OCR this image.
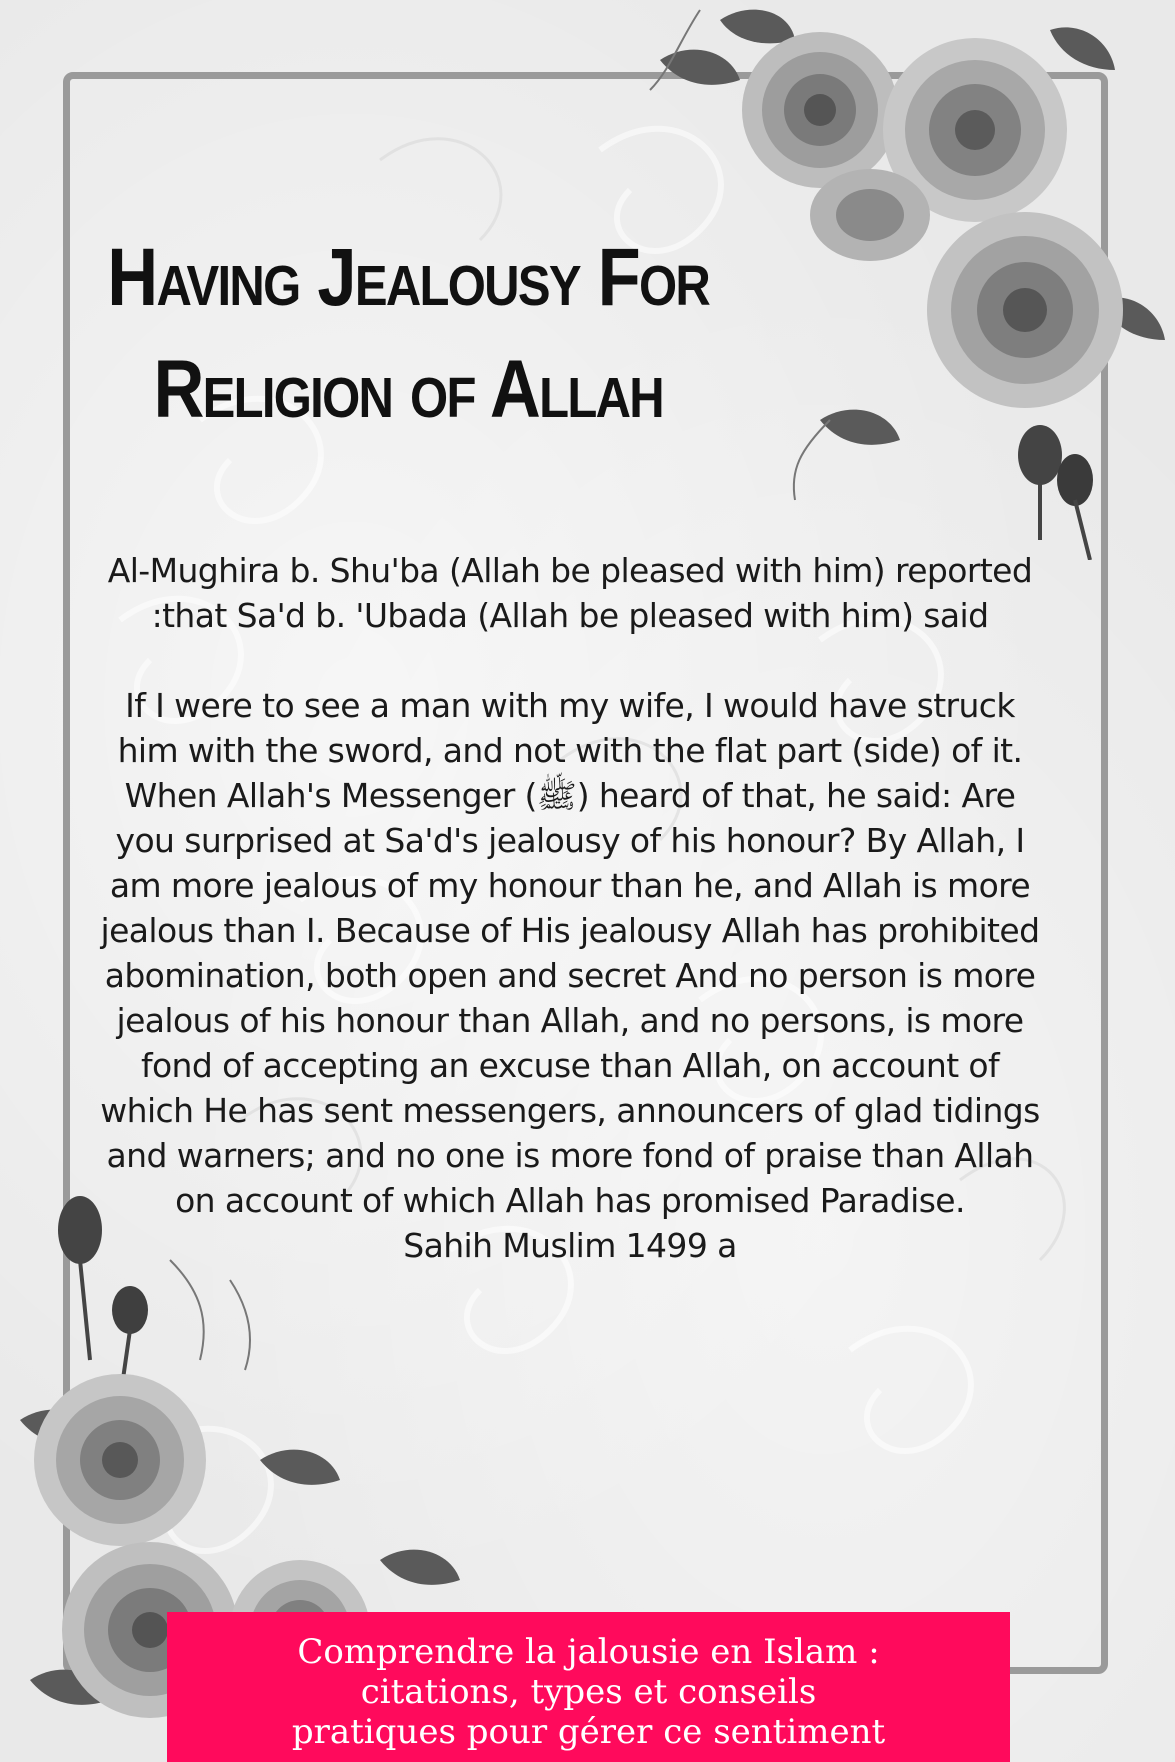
Having Jealousy For
Religion of Allah

Al-Mughira b. Shu'ba (Allah be pleased with him) reported

:that Sa'd b. 'Ubada (Allah be pleased with him) said

If I were to see a man with my wife, I would have struck

him with the sword, and not with the flat part (side) of it.

When Allah's Messenger (ﷺ) heard of that, he said: Are

you surprised at Sa'd's jealousy of his honour? By Allah, I

am more jealous of my honour than he, and Allah is more

jealous than I. Because of His jealousy Allah has prohibited

abomination, both open and secret And no person is more

jealous of his honour than Allah, and no persons, is more

fond of accepting an excuse than Allah, on account of

which He has sent messengers, announcers of glad tidings

and warners; and no one is more fond of praise than Allah

on account of which Allah has promised Paradise.

Sahih Muslim 1499 a

Comprendre la jalousie en Islam :
citations, types et conseils
pratiques pour gérer ce sentiment
